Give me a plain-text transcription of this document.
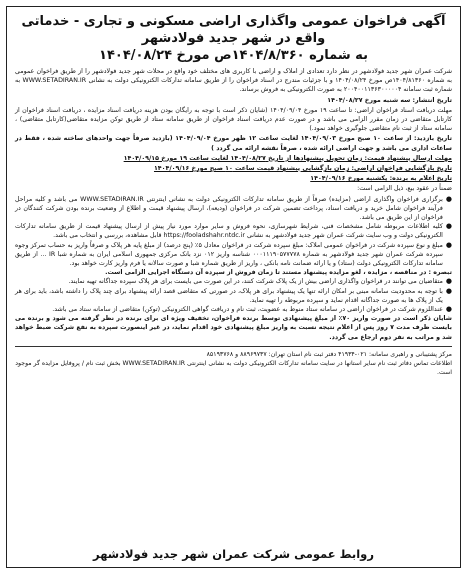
آگهی فراخوان عمومی واگذاری اراضی مسکونی و تجاری - خدماتی واقع در شهر جدید فولادشهر
به شماره ۱۴۰۴/۸/۳۶۰ص مورخ ۱۴۰۴/۰۸/۲۴

شرکت عمران شهر جدید فولادشهر در نظر دارد تعدادی از املاک و اراضی با کاربری های مختلف خود واقع در محلات شهر جدید فولادشهر را از طریق فراخوان عمومی به شماره ۱۴۰۴/۸۱۳۶۰ص مورخ ۱۴۰۴/۰۸/۲۴ و با جزئیات مندرج در اسناد فراخوان را از طریق سامانه تدارکات الکترونیکی دولت به نشانی WWW.SETADIRAN.IR به شماره ثبت سامانه ۲۰۰۴۰۰۱۱۳۶۳۰۰۰۰۰۴ به صورت الکترونیکی به فروش برساند.

تاریخ انتشار: سه شنبه مورخ ۱۴۰۴/۰۸/۲۷

مهلت دریافت اسناد فراخوان اراضی: تا ساعت ۱۹ مورخ ۱۴۰۴/۰۹/۰۴ (شایان ذکر است با توجه به رایگان بودن هزینه دریافت اسناد مزایده ، دریافت اسناد فراخوان از کارتابل متقاضی در زمان مقرر الزامی می باشد و در صورت عدم دریافت اسناد فراخوان از طریق سامانه ستاد از طریق توکن مزایده متقاضی(کارتابل متقاضی) ، سامانه ستاد از ثبت نام متقاضی جلوگیری خواهد نمود.)

تاریخ بازدید: از ساعت ۱۰ صبح مورخ ۱۴۰۴/۰۹/۰۳ لغایت ساعت ۱۲ ظهر مورخ ۱۴۰۴/۰۹/۰۴ (بازدید صرفاً جهت واحدهای ساخته شده ، فقط در ساعات اداری می باشد و جهت اراضی ارائه شده ، صرفاً نقشه ارائه می گردد )

مهلت ارسال پیشنهاد قیمت: زمان تحویل پیشنهادها از تاریخ ۱۴۰۴/۰۸/۲۷ لغایت ساعت ۱۹ مورخ ۱۴۰۴/۰۹/۱۵

تاریخ بازگشایی فراخوان اراضی: زمان بازگشایی پیشنهاد قیمت ساعت ۱۰ صبح مورخ ۱۴۰۴/۰۹/۱۶

تاریخ اعلام به برنده: یکشنبه مورخ ۱۴۰۴/۰۹/۱۶

ضمناً در عقود بیع، ذیل الزامی است:

●
برگزاری فراخوان واگذاری اراضی (مزایده) صرفاً از طریق سامانه تدارکات الکترونیکی دولت به نشانی اینترنتی WWW.SETADIRAN.IR می باشد و کلیه مراحل فرآیند فراخوان شامل خرید و دریافت اسناد، پرداخت تضمین شرکت در فراخوان (ودیعه)، ارسال پیشنهاد قیمت و اطلاع از وضعیت برنده بودن شرکت کنندگان در فراخوان از این طریق می باشد.
●
کلیه اطلاعات مربوطه شامل مشخصات فنی، شرایط شهرسازی، نحوه فروش و سایر موارد مورد نیاز پیش از ارسال پیشنهاد قیمت از طریق سامانه تدارکات الکترونیکی دولت و وب سایت شرکت عمران شهر جدید فولادشهر به نشانی https://fooladshahr.ntdc.ir قابل مشاهده، بررسی و انتخاب می باشد.
●
مبلغ و نوع سپرده شرکت در فراخوان عمومی املاک: مبلغ سپرده شرکت در فراخوان معادل ۵٪ (پنج درصد) از مبلغ پایه هر پلاک و صرفاً واریز به حساب تمرکز وجوه سپرده شرکت عمران شهر جدید فولادشهر به شماره ۰۰۰۱۱۱۹۰۵۷۷۷۷۸ شناسه واریز ۰۱۲ نزد بانک مرکزی جمهوری اسلامی ایران به شماره شبا IR ... از طریق سامانه تدارکات الکترونیکی دولت (ستاد) و یا ارائه ضمانت نامه بانکی ، واریز از طریق شماره شبا و صورت سالانه یا فرم واریز کارت خواهد بود.
تبصره : در مناقصه ، مزایده ، لغو مزایده پیشنهاد مستند تا زمان فروش از سپرده آن دستگاه اجرایی الزامی است.
●
متقاضیان می توانند در فراخوان واگذاری اراضی بیش از یک پلاک شرکت کنند، در این صورت می بایست برای هر پلاک سپرده جداگانه تهیه نمایند.
●
با توجه به محدودیت سامانه مبنی بر امکان ارائه تنها یک پیشنهاد برای هر پلاک، در صورتی که متقاضی قصد ارائه پیشنهاد برای چند پلاک را داشته باشد، باید برای هر یک از پلاک ها به صورت جداگانه اقدام نماید و سپرده مربوطه را تهیه نماید.
●
عنداللزوم شرکت در فراخوان اراضی در سامانه ستاد منوط به عضویت، ثبت نام و دریافت گواهی الکترونیکی (توکن) متقاضی از سامانه ستاد می باشد.

شایان ذکر است در صورت واریز ۷۰٪ از مبلغ پیشنهادی توسط برنده فراخوان، تخفیف ویژه ای برای برنده در نظر گرفته می شود و برنده می بایست ظرف مدت ۷ روز پس از اعلام نتیجه نسبت به واریز مبلغ پیشنهادی خود اقدام نماید، در غیر اینصورت سپرده به نفع شرکت ضبط خواهد شد و مراتب به نفر دوم ارجاع می گردد.

مرکز پشتیبانی و راهبری سامانه: ۰۲۱-۴۱۹۳۴ دفتر ثبت نام استان تهران: ۸۸۹۶۹۷۳۷ و ۸۵۱۹۳۷۶۸
اطلاعات تماس دفاتر ثبت نام سایر استانها در سایت سامانه تدارکات الکترونیکی دولت به نشانی اینترنتی WWW.SETADIRAN.IR بخش ثبت نام / پروفایل مزایده گر موجود است.
روابط عمومی شرکت عمران شهر جدید فولادشهر
